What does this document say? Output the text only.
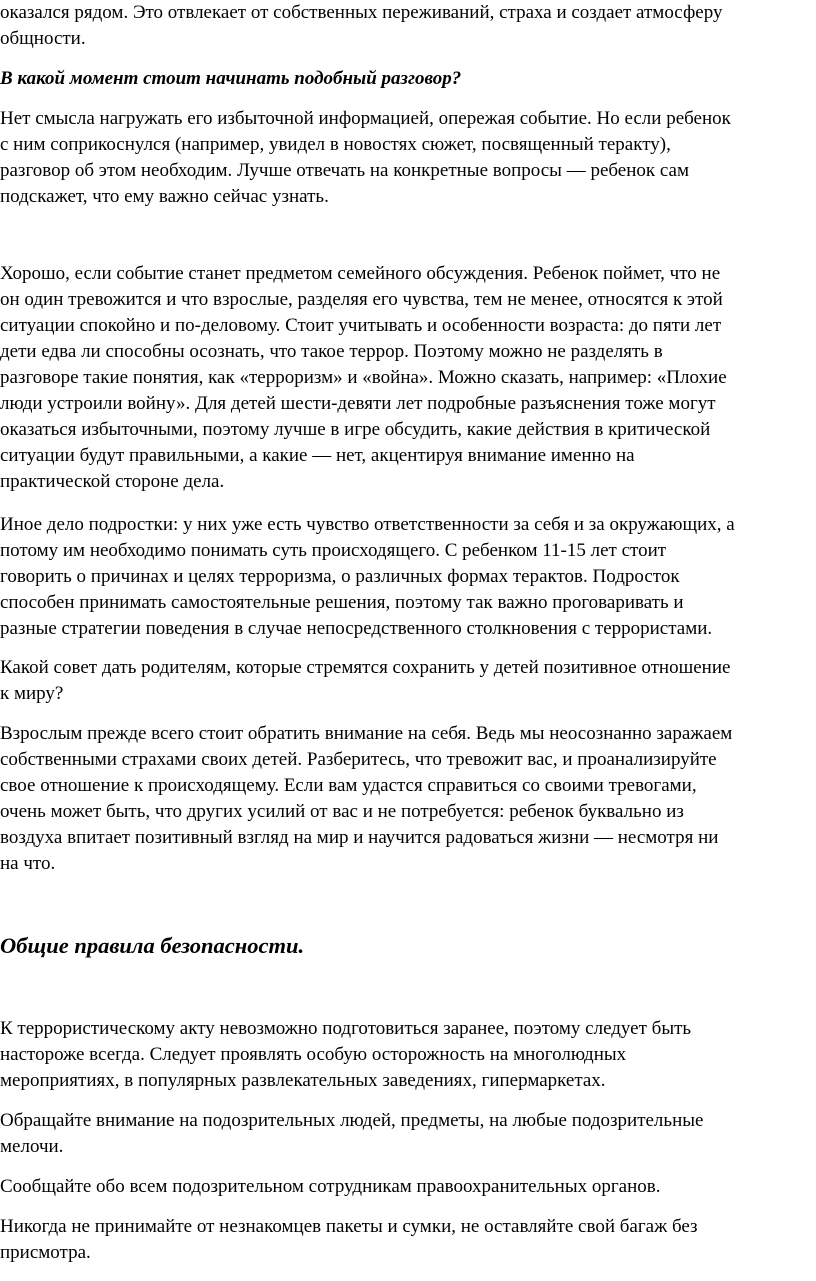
оказался рядом. Это отвлекает от собственных переживаний, страха и создает атмосферу
общности.

В какой момент стоит начинать подобный разговор?

Нет смысла нагружать его избыточной информацией, опережая событие. Но если ребенок
с ним соприкоснулся (например, увидел в новостях сюжет, посвященный теракту),
разговор об этом необходим. Лучше отвечать на конкретные вопросы — ребенок сам
подскажет, что ему важно сейчас узнать.

Хорошо, если событие станет предметом семейного обсуждения. Ребенок поймет, что не
он один тревожится и что взрослые, разделяя его чувства, тем не менее, относятся к этой
ситуации спокойно и по-деловому. Стоит учитывать и особенности возраста: до пяти лет
дети едва ли способны осознать, что такое террор. Поэтому можно не разделять в
разговоре такие понятия, как «терроризм» и «война». Можно сказать, например: «Плохие
люди устроили войну». Для детей шести-девяти лет подробные разъяснения тоже могут
оказаться избыточными, поэтому лучше в игре обсудить, какие действия в критической
ситуации будут правильными, а какие — нет, акцентируя внимание именно на
практической стороне дела.

Иное дело подростки: у них уже есть чувство ответственности за себя и за окружающих, а
потому им необходимо понимать суть происходящего. С ребенком 11-15 лет стоит
говорить о причинах и целях терроризма, о различных формах терактов. Подросток
способен принимать самостоятельные решения, поэтому так важно проговаривать и
разные стратегии поведения в случае непосредственного столкновения с террористами.

Какой совет дать родителям, которые стремятся сохранить у детей позитивное отношение
к миру?

Взрослым прежде всего стоит обратить внимание на себя. Ведь мы неосознанно заражаем
собственными страхами своих детей. Разберитесь, что тревожит вас, и проанализируйте
свое отношение к происходящему. Если вам удастся справиться со своими тревогами,
очень может быть, что других усилий от вас и не потребуется: ребенок буквально из
воздуха впитает позитивный взгляд на мир и научится радоваться жизни — несмотря ни
на что.

Общие правила безопасности.

К террористическому акту невозможно подготовиться заранее, поэтому следует быть
настороже всегда. Следует проявлять особую осторожность на многолюдных
мероприятиях, в популярных развлекательных заведениях, гипермаркетах.

Обращайте внимание на подозрительных людей, предметы, на любые подозрительные
мелочи.

Сообщайте обо всем подозрительном сотрудникам правоохранительных органов.

Никогда не принимайте от незнакомцев пакеты и сумки, не оставляйте свой багаж без
присмотра.
